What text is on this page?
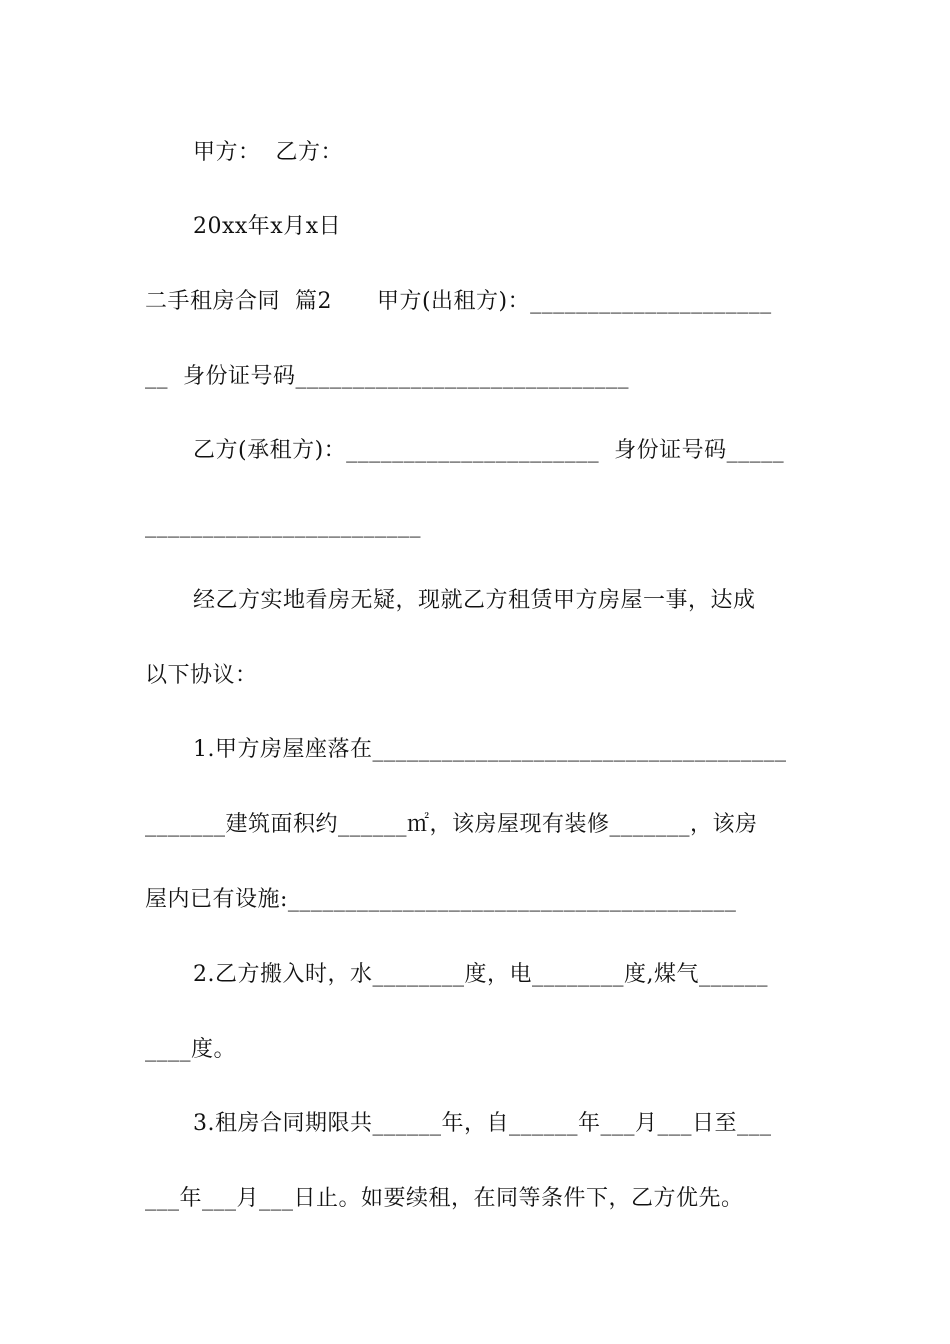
甲方：  乙方：
20xx年x月x日
二手租房合同  篇2      甲方(出租方)：_____________________
__  身份证号码_____________________________
乙方(承租方)：______________________  身份证号码_____
________________________
经乙方实地看房无疑，现就乙方租赁甲方房屋一事，达成
以下协议：
1.甲方房屋座落在____________________________________
_______建筑面积约______㎡，该房屋现有装修_______，该房
屋内已有设施:_______________________________________
2.乙方搬入时，水________度，电________度,煤气______
____度。
3.租房合同期限共______年，自______年___月___日至___
___年___月___日止。如要续租，在同等条件下，乙方优先。
